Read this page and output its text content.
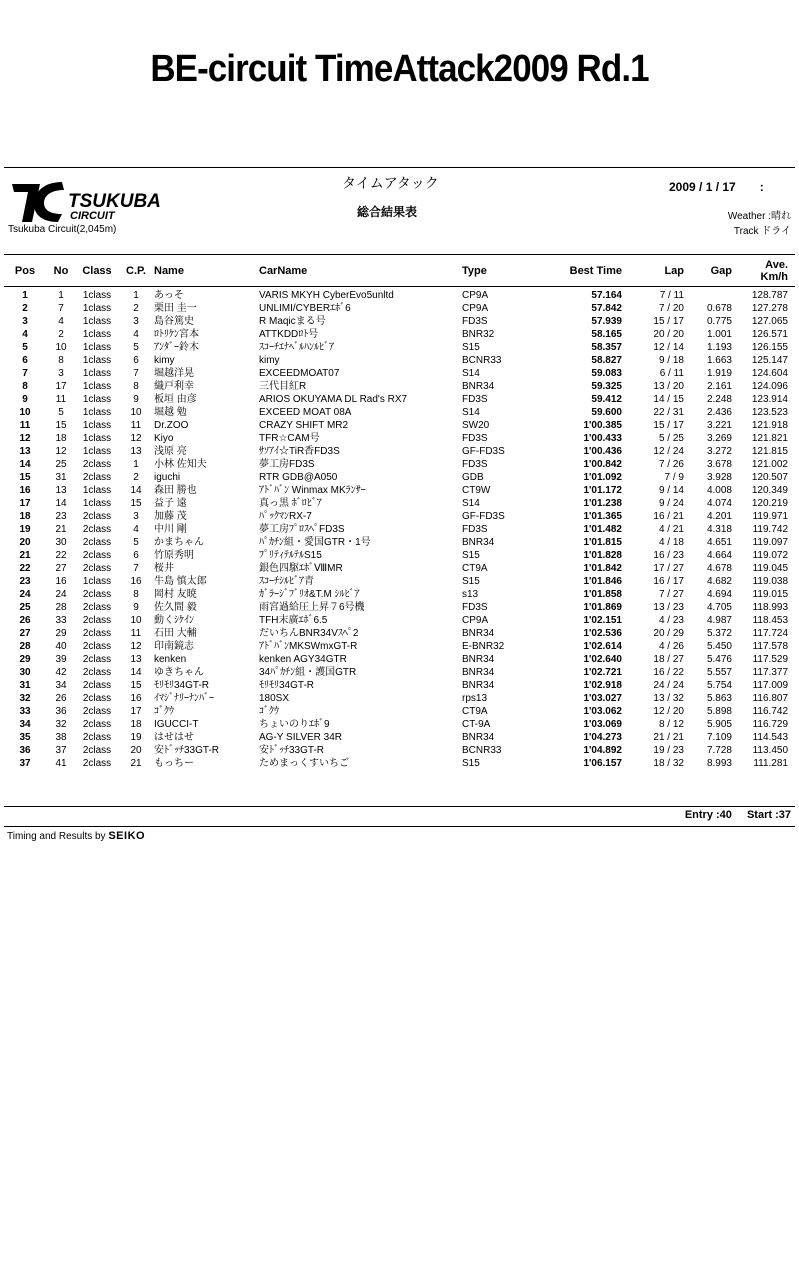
BE-circuit TimeAttack2009 Rd.1
TSUKUBA
CIRCUIT
Tsukuba Circuit(2,045m)
タイムアタック
総合結果表
2009 / 1 / 17　　:
Weather :晴れ
Track ドライ
Pos	No	Class	C.P.	Name	CarName	Type	Best Time	Lap	Gap	Ave.
Km/h
1	1	1class	1	あっそ	VARIS MKYH CyberEvo5unltd	CP9A	57.164	7 / 11		128.787
2	7	1class	2	栗田 圭一	UNLIMI/CYBERｴﾎﾞ6	CP9A	57.842	7 / 20	0.678	127.278
3	4	1class	3	島谷篤史	R Maqicまる号	FD3S	57.939	15 / 17	0.775	127.065
4	2	1class	4	ﾛﾄﾘｹﾝ宮本	ATTKDDﾛﾄ号	BNR32	58.165	20 / 20	1.001	126.571
5	10	1class	5	ｱﾝﾀﾞｰ鈴木	ｽｺｰﾁｴﾅﾍﾞﾙﾊﾝﾙﾋﾞｱ	S15	58.357	12 / 14	1.193	126.155
6	8	1class	6	kimy	kimy	BCNR33	58.827	9 / 18	1.663	125.147
7	3	1class	7	堀越洋晃	EXCEEDMOAT07	S14	59.083	6 / 11	1.919	124.604
8	17	1class	8	織戸利幸	三代目紅R	BNR34	59.325	13 / 20	2.161	124.096
9	11	1class	9	板垣 由彦	ARIOS OKUYAMA DL Rad's RX7	FD3S	59.412	14 / 15	2.248	123.914
10	5	1class	10	堀越 勉	EXCEED MOAT 08A	S14	59.600	22 / 31	2.436	123.523
11	15	1class	11	Dr.ZOO	CRAZY SHIFT MR2	SW20	1'00.385	15 / 17	3.221	121.918
12	18	1class	12	Kiyo	TFR☆CAM号	FD3S	1'00.433	5 / 25	3.269	121.821
13	12	1class	13	浅原 亮	ｻｿｱｲ☆TiR香FD3S	GF-FD3S	1'00.436	12 / 24	3.272	121.815
14	25	2class	1	小林 佐知夫	夢工房FD3S	FD3S	1'00.842	7 / 26	3.678	121.002
15	31	2class	2	iguchi	RTR GDB@A050	GDB	1'01.092	7 / 9	3.928	120.507
16	13	1class	14	森田 勝也	ｱﾄﾞﾊﾞﾝ Winmax MKﾗﾝｻｰ	CT9W	1'01.172	9 / 14	4.008	120.349
17	14	1class	15	益子 遠	真っ黒 ﾎﾞﾛﾋﾞｱ	S14	1'01.238	9 / 24	4.074	120.219
18	23	2class	3	加藤 茂	ﾊﾟｯｸﾏﾝRX-7	GF-FD3S	1'01.365	16 / 21	4.201	119.971
19	21	2class	4	中川 剛	夢工房ﾌﾟﾛｽﾍﾟFD3S	FD3S	1'01.482	4 / 21	4.318	119.742
20	30	2class	5	かまちゃん	ﾊﾟｶﾁﾝ組・愛国GTR・1号	BNR34	1'01.815	4 / 18	4.651	119.097
21	22	2class	6	竹原秀明	ﾌﾟﾘﾃｨﾃﾙﾃﾙS15	S15	1'01.828	16 / 23	4.664	119.072
22	27	2class	7	桜井	銀色四駆ｴﾎﾞⅧMR	CT9A	1'01.842	17 / 27	4.678	119.045
23	16	1class	16	牛島 慎太郎	ｽｺｰﾁｼﾙﾋﾞｱ青	S15	1'01.846	16 / 17	4.682	119.038
24	24	2class	8	岡村 友暁	ｶﾞﾗｰｼﾞﾌﾞﾘｵ&T.M ｼﾙﾋﾞｱ	s13	1'01.858	7 / 27	4.694	119.015
25	28	2class	9	佐久間 毅	雨宮過給圧上昇７6号機	FD3S	1'01.869	13 / 23	4.705	118.993
26	33	2class	10	動くｼｹｲﾝ	TFH末廣ｴﾎﾞ6.5	CP9A	1'02.151	4 / 23	4.987	118.453
27	29	2class	11	石田 大輔	だいちんBNR34Vｽﾍﾟ2	BNR34	1'02.536	20 / 29	5.372	117.724
28	40	2class	12	印南鏡志	ｱﾄﾞﾊﾞﾝMKSWmxGT-R	E-BNR32	1'02.614	4 / 26	5.450	117.578
29	39	2class	13	kenken	kenken AGY34GTR	BNR34	1'02.640	18 / 27	5.476	117.529
30	42	2class	14	ゆきちゃん	34ﾊﾟｶﾁﾝ組・護国GTR	BNR34	1'02.721	16 / 22	5.557	117.377
31	34	2class	15	ﾓﾘﾓﾘ34GT-R	ﾓﾘﾓﾘ34GT-R	BNR34	1'02.918	24 / 24	5.754	117.009
32	26	2class	16	ｲﾏｼﾞﾅﾘｰﾅﾝﾊﾞｰ	180SX	rps13	1'03.027	13 / 32	5.863	116.807
33	36	2class	17	ｺﾞｸｳ	ｺﾞｸｳ	CT9A	1'03.062	12 / 20	5.898	116.742
34	32	2class	18	IGUCCI-T	ちょいのりｴﾎﾞ9	CT-9A	1'03.069	8 / 12	5.905	116.729
35	38	2class	19	はせはせ	AG-Y SILVER 34R	BNR34	1'04.273	21 / 21	7.109	114.543
36	37	2class	20	安ﾄﾞｯﾁ33GT-R	安ﾄﾞｯﾁ33GT-R	BCNR33	1'04.892	19 / 23	7.728	113.450
37	41	2class	21	もっちー	ためまっくすいちご	S15	1'06.157	18 / 32	8.993	111.281
Entry :40 Start :37
Timing and Results by SEIKO
